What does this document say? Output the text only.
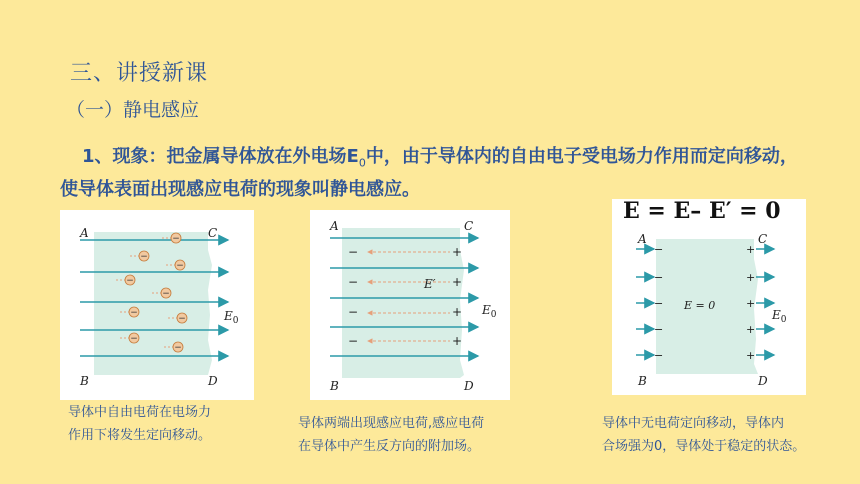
三、讲授新课
（一）静电感应
1、现象：把金属导体放在外电场$E_0$中，由于导体内的自由电子受电场力作用而定向移动，使导体表面出现感应电荷的现象叫静电感应。
−
−
−
−
−
−
−
−
−
A	C
B	D
$E_0$
导体中自由电荷在电场力
作用下将发生定向移动。
−
−
−
−
+
+
+
+
A	C
B	D
E′
$E_0$
导体两端出现感应电荷,感应电荷
在导体中产生反方向的附加场。
−
−
−
−
−
+
+
+
+
+
A	C
B	D
E = 0
$E_0$
E = E– E′ = 0
导体中无电荷定向移动，导体内
合场强为0，导体处于稳定的状态。
